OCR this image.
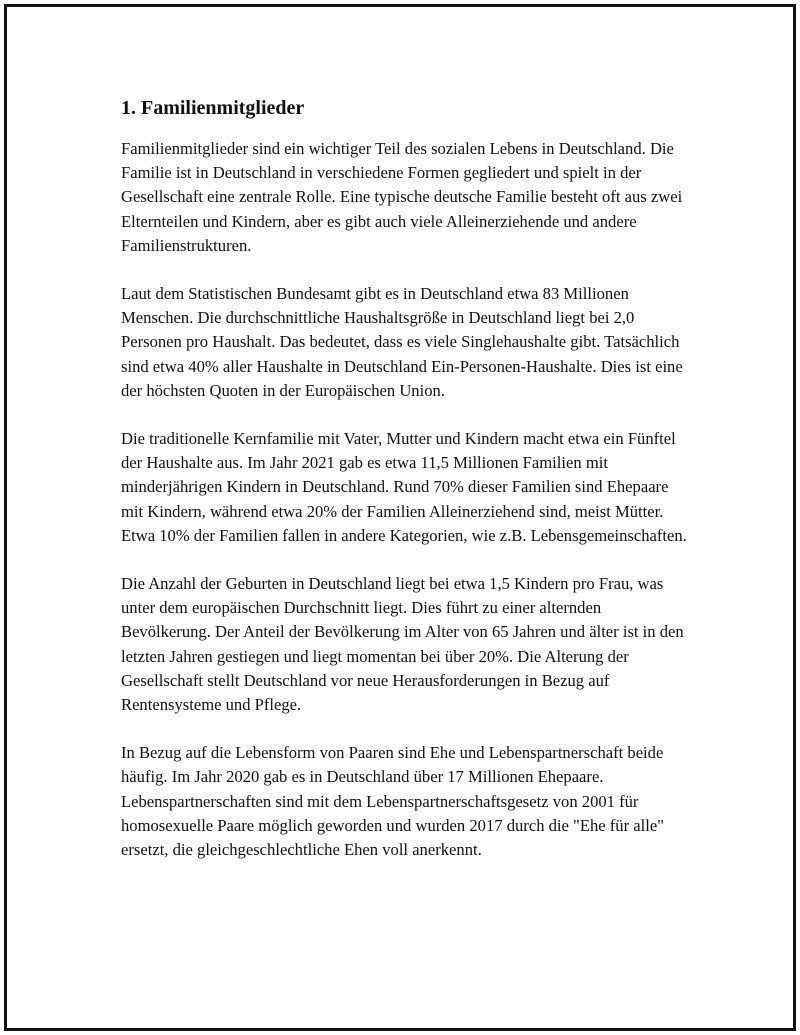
1. Familienmitglieder

Familienmitglieder sind ein wichtiger Teil des sozialen Lebens in Deutschland. Die Familie ist in Deutschland in verschiedene Formen gegliedert und spielt in der Gesellschaft eine zentrale Rolle. Eine typische deutsche Familie besteht oft aus zwei Elternteilen und Kindern, aber es gibt auch viele Alleinerziehende und andere Familienstrukturen.

Laut dem Statistischen Bundesamt gibt es in Deutschland etwa 83 Millionen Menschen. Die durchschnittliche Haushaltsgröße in Deutschland liegt bei 2,0 Personen pro Haushalt. Das bedeutet, dass es viele Singlehaushalte gibt. Tatsächlich sind etwa 40% aller Haushalte in Deutschland Ein-Personen-Haushalte. Dies ist eine der höchsten Quoten in der Europäischen Union.

Die traditionelle Kernfamilie mit Vater, Mutter und Kindern macht etwa ein Fünftel der Haushalte aus. Im Jahr 2021 gab es etwa 11,5 Millionen Familien mit minderjährigen Kindern in Deutschland. Rund 70% dieser Familien sind Ehepaare mit Kindern, während etwa 20% der Familien Alleinerziehend sind, meist Mütter. Etwa 10% der Familien fallen in andere Kategorien, wie z.B. Lebensgemeinschaften.

Die Anzahl der Geburten in Deutschland liegt bei etwa 1,5 Kindern pro Frau, was unter dem europäischen Durchschnitt liegt. Dies führt zu einer alternden Bevölkerung. Der Anteil der Bevölkerung im Alter von 65 Jahren und älter ist in den letzten Jahren gestiegen und liegt momentan bei über 20%. Die Alterung der Gesellschaft stellt Deutschland vor neue Herausforderungen in Bezug auf Rentensysteme und Pflege.

In Bezug auf die Lebensform von Paaren sind Ehe und Lebenspartnerschaft beide häufig. Im Jahr 2020 gab es in Deutschland über 17 Millionen Ehepaare. Lebenspartnerschaften sind mit dem Lebenspartnerschaftsgesetz von 2001 für homosexuelle Paare möglich geworden und wurden 2017 durch die "Ehe für alle" ersetzt, die gleichgeschlechtliche Ehen voll anerkennt.
